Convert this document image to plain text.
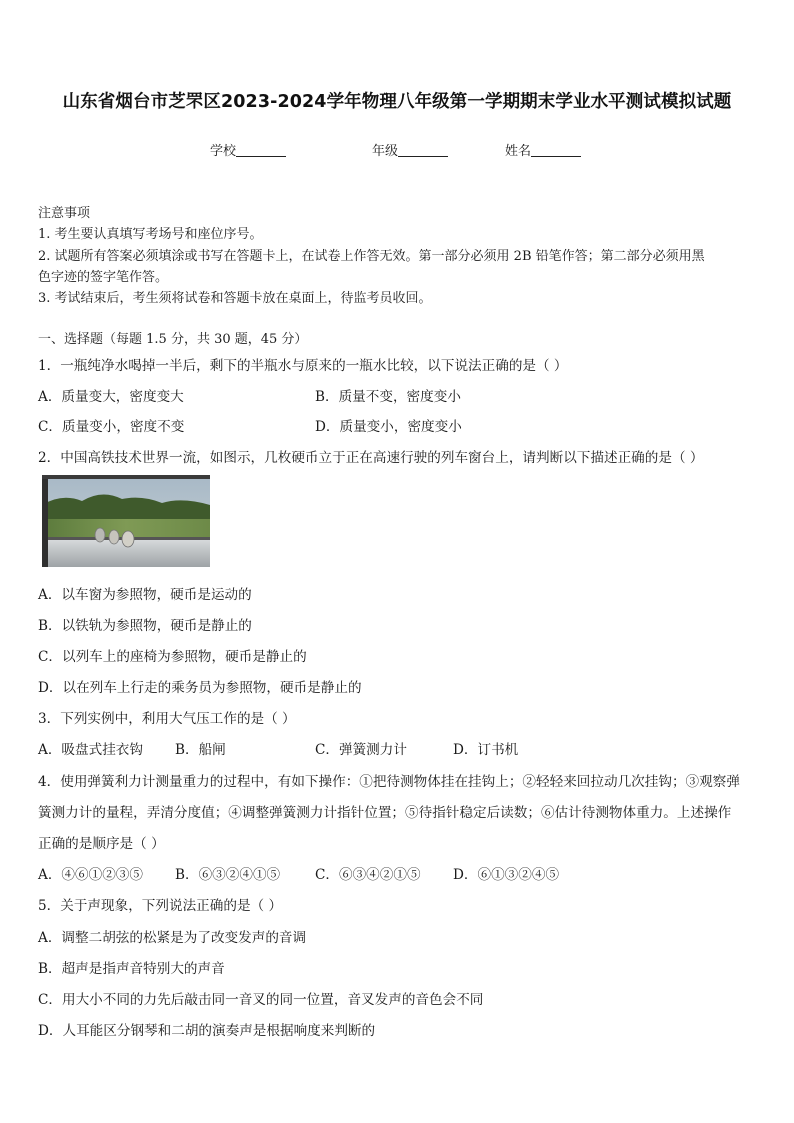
山东省烟台市芝罘区2023-2024学年物理八年级第一学期期末学业水平测试模拟试题
学校	年级	姓名
注意事项
1. 考生要认真填写考场号和座位序号。
2. 试题所有答案必须填涂或书写在答题卡上，在试卷上作答无效。第一部分必须用 2B 铅笔作答；第二部分必须用黑
色字迹的签字笔作答。
3. 考试结束后，考生须将试卷和答题卡放在桌面上，待监考员收回。
一、选择题（每题 1.5 分，共 30 题，45 分）
1．一瓶纯净水喝掉一半后，剩下的半瓶水与原来的一瓶水比较，以下说法正确的是（ ）
A．质量变大，密度变大	B．质量不变，密度变小
C．质量变小，密度不变	D．质量变小，密度变小
2．中国高铁技术世界一流，如图示，几枚硬币立于正在高速行驶的列车窗台上，请判断以下描述正确的是（ ）
A．以车窗为参照物，硬币是运动的
B．以铁轨为参照物，硬币是静止的
C．以列车上的座椅为参照物，硬币是静止的
D．以在列车上行走的乘务员为参照物，硬币是静止的
3．下列实例中，利用大气压工作的是（ ）
A．吸盘式挂衣钩 B．船闸	C．弹簧测力计	D．订书机
4．使用弹簧利力计测量重力的过程中，有如下操作：①把待测物体挂在挂钩上；②轻轻来回拉动几次挂钩；③观察弹
簧测力计的量程，弄清分度值；④调整弹簧测力计指针位置；⑤待指针稳定后读数；⑥估计待测物体重力。上述操作
正确的是顺序是（ ）
A．④⑥①②③⑤ B．⑥③②④①⑤	C．⑥③④②①⑤ D．⑥①③②④⑤
5．关于声现象，下列说法正确的是（ ）
A．调整二胡弦的松紧是为了改变发声的音调
B．超声是指声音特别大的声音
C．用大小不同的力先后敲击同一音叉的同一位置，音叉发声的音色会不同
D．人耳能区分钢琴和二胡的演奏声是根据响度来判断的
